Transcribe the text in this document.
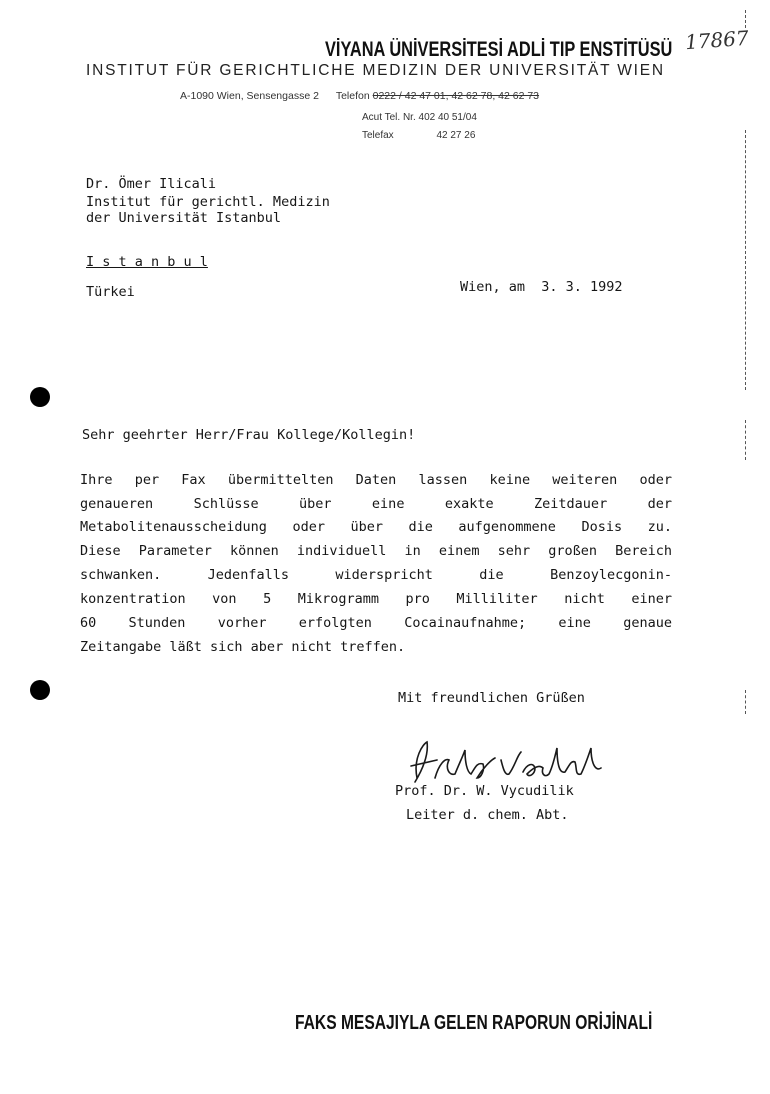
VİYANA ÜNİVERSİTESİ ADLİ TIP ENSTİTÜSÜ 17867
INSTITUT FÜR GERICHTLICHE MEDIZIN DER UNIVERSITÄT WIEN
A-1090 Wien, Sensengasse 2 Telefon 0222 / 42 47 01, 42 62 78, 42 62 73
Acut Tel. Nr. 402 40 51/04
Telefax	42 27 26
Dr. Ömer Ilicali
Institut für gerichtl. Medizin
der Universität Istanbul
I s t a n b u l
Türkei	Wien, am  3. 3. 1992
Sehr geehrter Herr/Frau Kollege/Kollegin!
Ihre per Fax übermittelten Daten lassen keine weiteren oder
genaueren Schlüsse über eine exakte Zeitdauer der
Metabolitenausscheidung oder über die aufgenommene Dosis zu.
Diese Parameter können individuell in einem sehr großen Bereich
schwanken. Jedenfalls widerspricht die Benzoylecgonin-
konzentration von 5 Mikrogramm pro Milliliter nicht einer
60 Stunden vorher erfolgten Cocainaufnahme; eine genaue
Zeitangabe läßt sich aber nicht treffen.
Mit freundlichen Grüßen
Prof. Dr. W. Vycudilik
Leiter d. chem. Abt.
FAKS MESAJIYLA GELEN RAPORUN ORİJİNALİ
